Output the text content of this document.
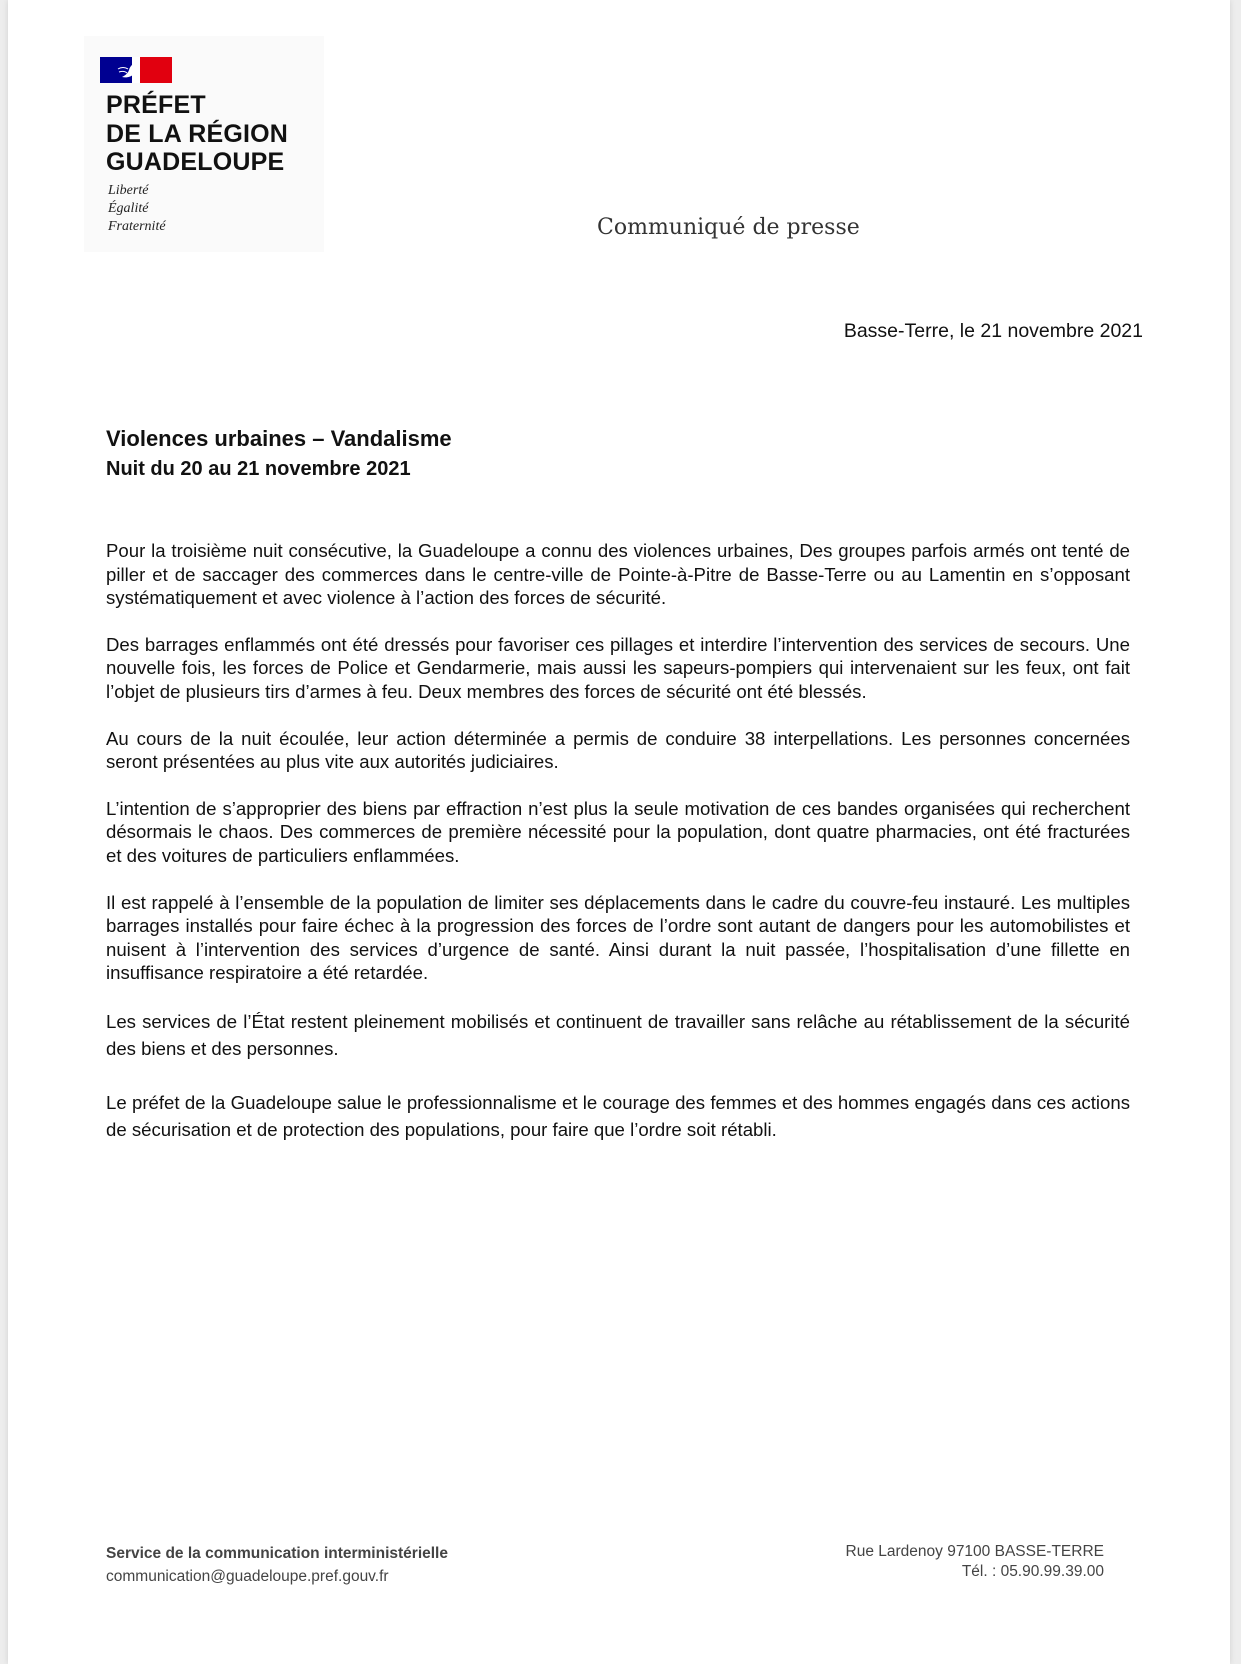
PRÉFET
DE LA RÉGION
GUADELOUPE
Liberté
Égalité
Fraternité	Communiqué de presse
Basse-Terre, le 21 novembre 2021
Violences urbaines – Vandalisme
Nuit du 20 au 21 novembre 2021

Pour la troisième nuit consécutive, la Guadeloupe a connu des violences urbaines, Des groupes parfois armés ont tenté de piller et de saccager des commerces dans le centre-ville de Pointe-à-Pitre de Basse-Terre ou au Lamentin en s’opposant systématiquement et avec violence à l’action des forces de sécurité.

Des barrages enflammés ont été dressés pour favoriser ces pillages et interdire l’intervention des services de secours. Une nouvelle fois, les forces de Police et Gendarmerie, mais aussi les sapeurs-pompiers qui intervenaient sur les feux, ont fait l’objet de plusieurs tirs d’armes à feu. Deux membres des forces de sécurité ont été blessés.

Au cours de la nuit écoulée, leur action déterminée a permis de conduire 38 interpellations. Les personnes concernées seront présentées au plus vite aux autorités judiciaires.

L’intention de s’approprier des biens par effraction n’est plus la seule motivation de ces bandes organisées qui recherchent désormais le chaos. Des commerces de première nécessité pour la population, dont quatre pharmacies, ont été fracturées et des voitures de particuliers enflammées.

Il est rappelé à l’ensemble de la population de limiter ses déplacements dans le cadre du couvre-feu instauré. Les multiples barrages installés pour faire échec à la progression des forces de l’ordre sont autant de dangers pour les automobilistes et nuisent à l’intervention des services d’urgence de santé. Ainsi durant la nuit passée, l’hospitalisation d’une fillette en insuffisance respiratoire a été retardée.

Les services de l’État restent pleinement mobilisés et continuent de travailler sans relâche au rétablissement de la sécurité des biens et des personnes.

Le préfet de la Guadeloupe salue le professionnalisme et le courage des femmes et des hommes engagés dans ces actions de sécurisation et de protection des populations, pour faire que l’ordre soit rétabli.

Service de la communication interministérielle
communication@guadeloupe.pref.gouv.fr
Rue Lardenoy 97100 BASSE-TERRE
Tél. : 05.90.99.39.00
